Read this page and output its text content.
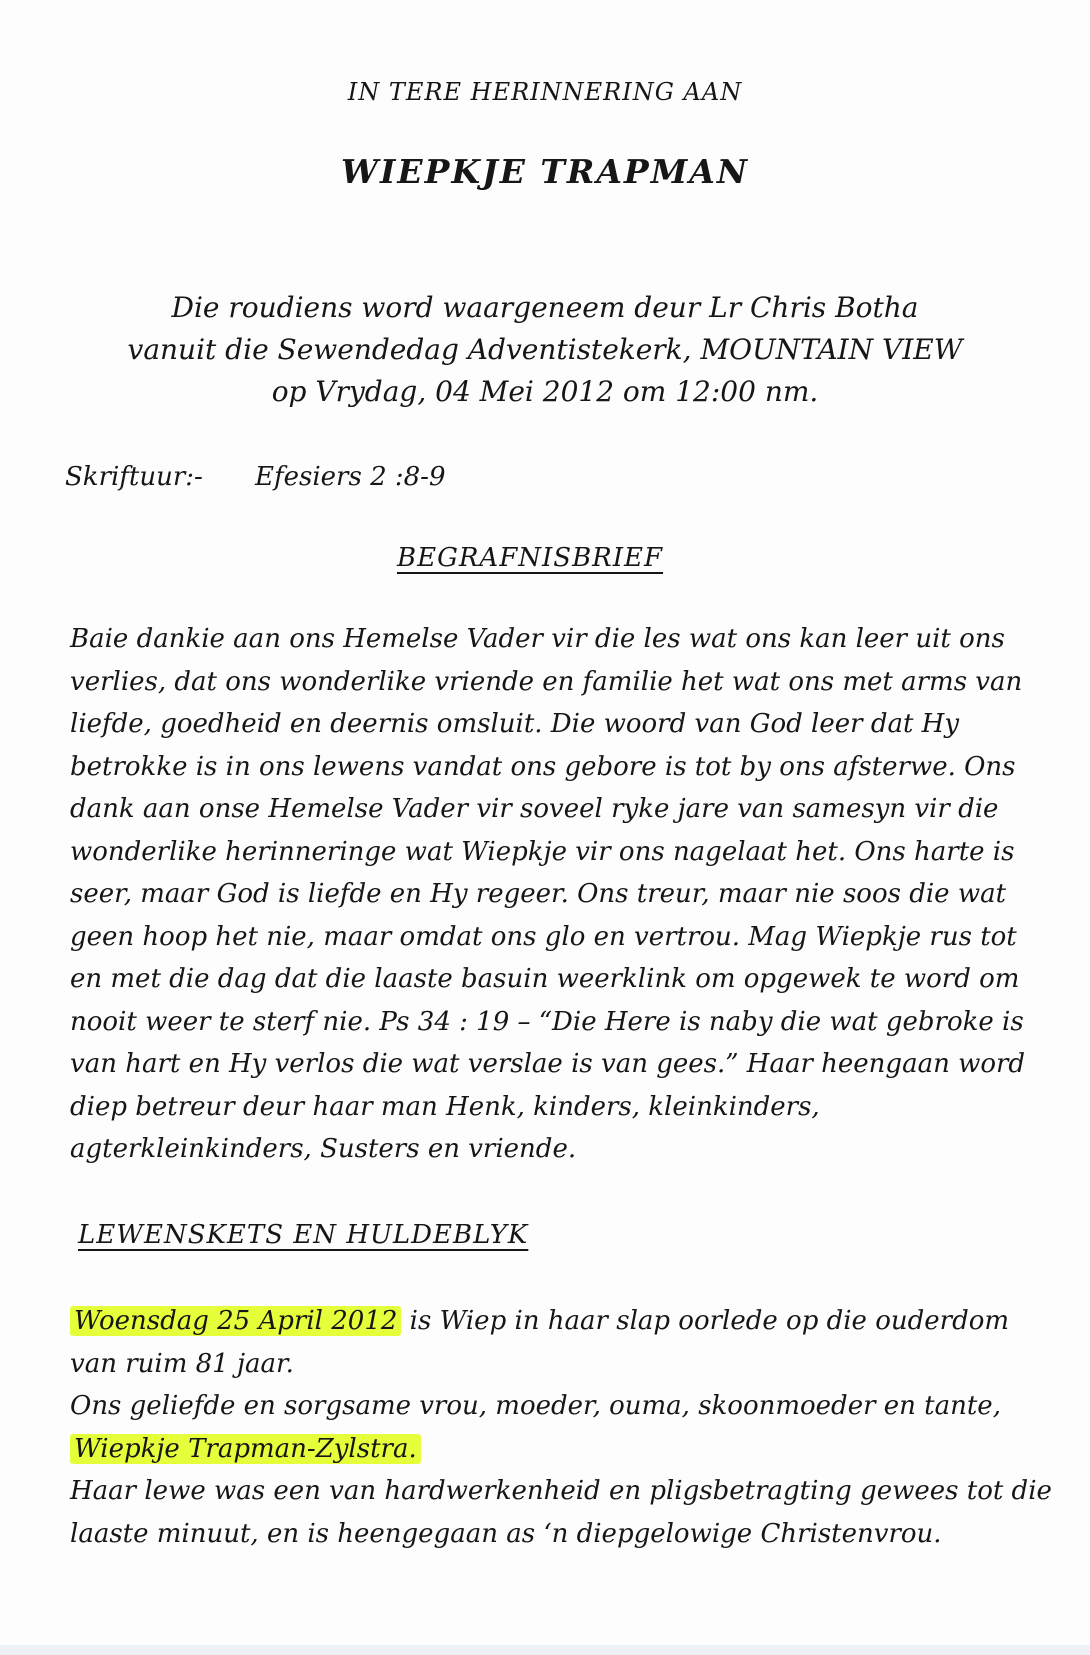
IN TERE HERINNERING AAN
WIEPKJE TRAPMAN
Die roudiens word waargeneem deur Lr Chris Botha
vanuit die Sewendedag Adventistekerk, MOUNTAIN VIEW
op Vrydag, 04 Mei 2012 om 12:00 nm.
Skriftuur:- Efesiers 2 :8-9
BEGRAFNISBRIEF
Baie dankie aan ons Hemelse Vader vir die les wat ons kan leer uit ons
verlies, dat ons wonderlike vriende en familie het wat ons met arms van
liefde, goedheid en deernis omsluit. Die woord van God leer dat Hy
betrokke is in ons lewens vandat ons gebore is tot by ons afsterwe. Ons
dank aan onse Hemelse Vader vir soveel ryke jare van samesyn vir die
wonderlike herinneringe wat Wiepkje vir ons nagelaat het. Ons harte is
seer, maar God is liefde en Hy regeer. Ons treur, maar nie soos die wat
geen hoop het nie, maar omdat ons glo en vertrou. Mag Wiepkje rus tot
en met die dag dat die laaste basuin weerklink om opgewek te word om
nooit weer te sterf nie. Ps 34 : 19 – “Die Here is naby die wat gebroke is
van hart en Hy verlos die wat verslae is van gees.” Haar heengaan word
diep betreur deur haar man Henk, kinders, kleinkinders,
agterkleinkinders, Susters en vriende.
LEWENSKETS EN HULDEBLYK
Woensdag 25 April 2012 is Wiep in haar slap oorlede op die ouderdom
van ruim 81 jaar.
Ons geliefde en sorgsame vrou, moeder, ouma, skoonmoeder en tante,
Wiepkje Trapman-Zylstra.
Haar lewe was een van hardwerkenheid en pligsbetragting gewees tot die
laaste minuut, en is heengegaan as ‘n diepgelowige Christenvrou.
